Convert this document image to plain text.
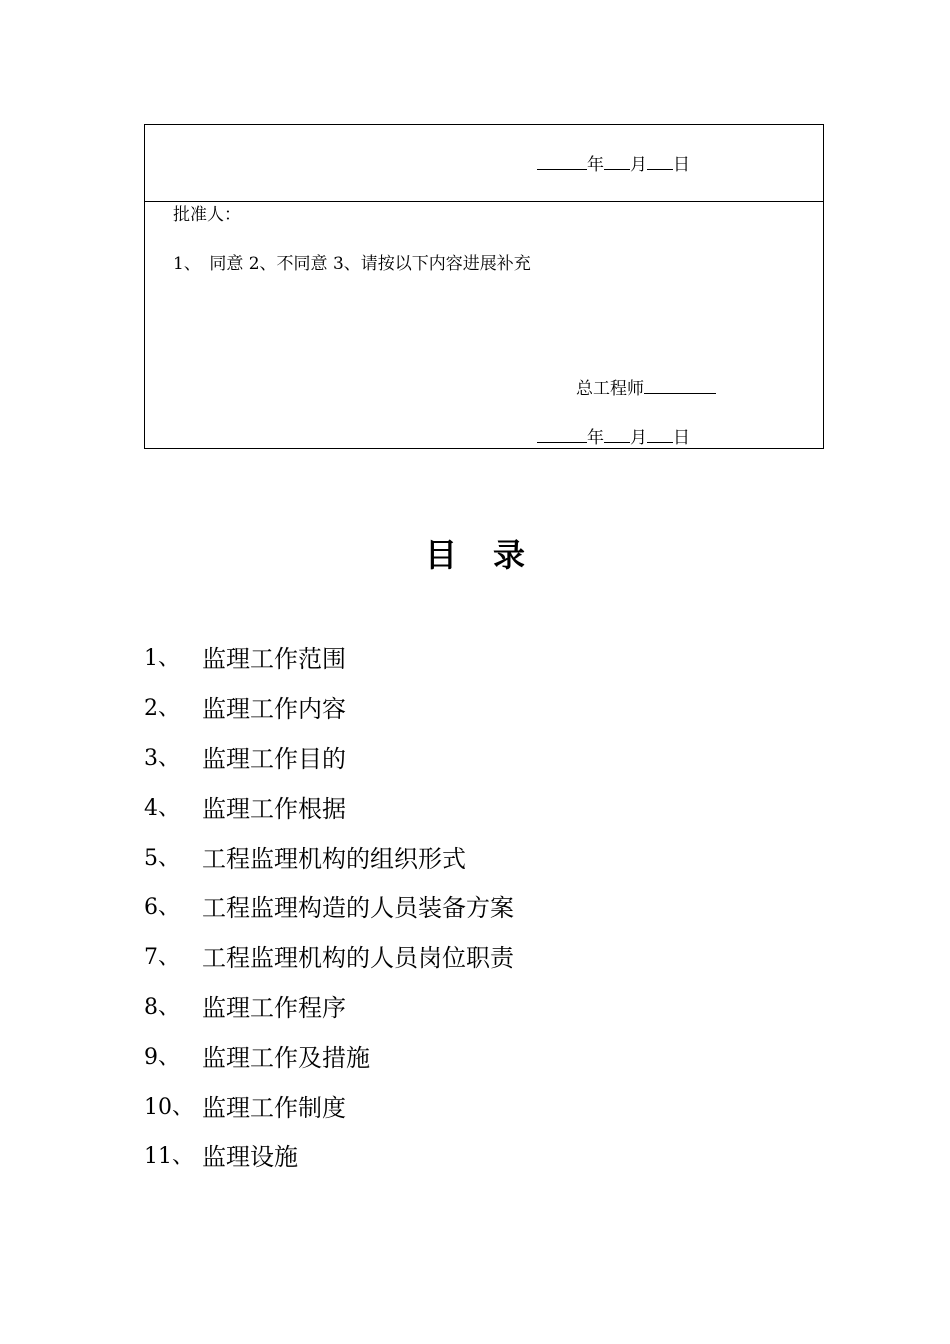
年 月 日
批准人：
1、　同意 2、不同意 3、请按以下内容进展补充
总工程师
年 月 日
目录
1、 监理工作范围
2、 监理工作内容
3、 监理工作目的
4、 监理工作根据
5、 工程监理机构的组织形式
6、 工程监理构造的人员装备方案
7、 工程监理机构的人员岗位职责
8、 监理工作程序
9、 监理工作及措施
10、 监理工作制度
11、 监理设施
